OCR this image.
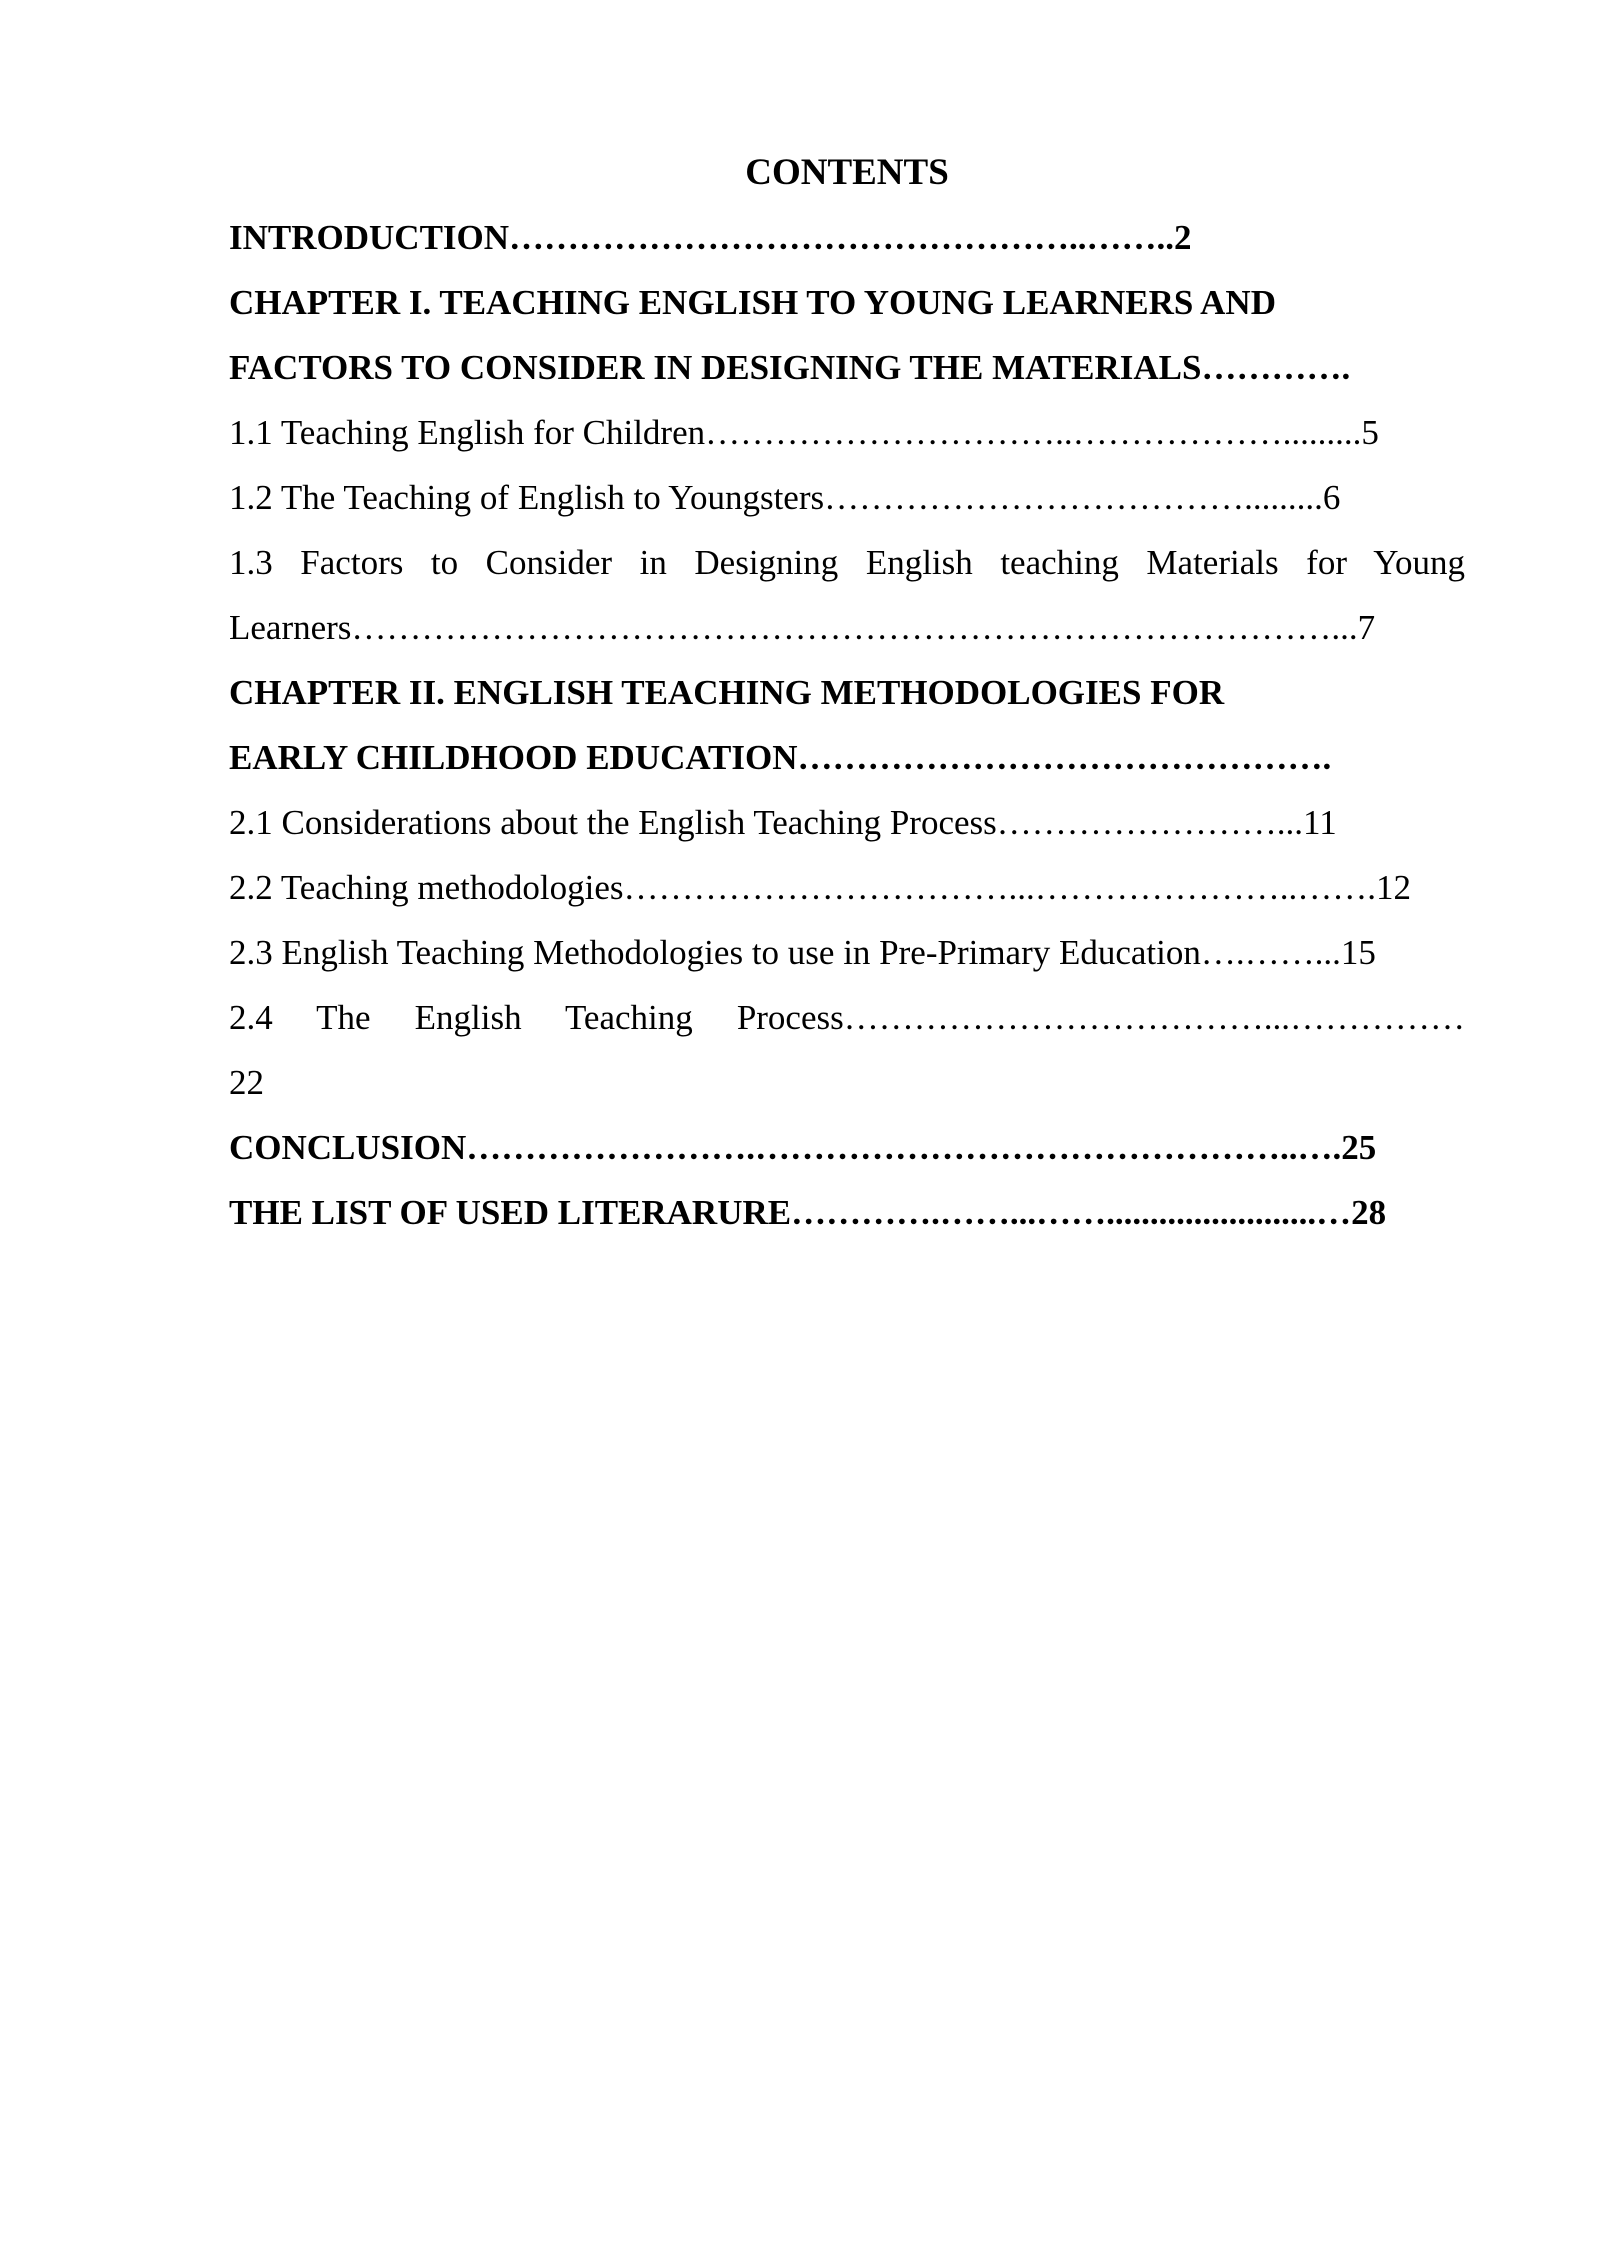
CONTENTS
INTRODUCTION…………………………………………..……..2
CHAPTER I. TEACHING ENGLISH TO YOUNG LEARNERS AND
FACTORS TO CONSIDER IN DESIGNING THE MATERIALS………….
1.1 Teaching English for Children…………………………..……………….........5
1.2 The Teaching of English to Youngsters……………………………….........6
1.3 Factors to Consider in Designing English teaching Materials for Young
Learners…………………………………………………………………………...7
CHAPTER II. ENGLISH TEACHING METHODOLOGIES FOR
EARLY CHILDHOOD EDUCATION……………………………………….
2.1 Considerations about the English Teaching Process……………………...11
2.2 Teaching methodologies……………………………...…………………..…….12
2.3 English Teaching Methodologies to use in Pre-Primary Education….……...15
2.4 The English Teaching Process………………………………...……………
22
CONCLUSION…………………….………………………………………..….25
THE LIST OF USED LITERARURE………….……...……........................…28
